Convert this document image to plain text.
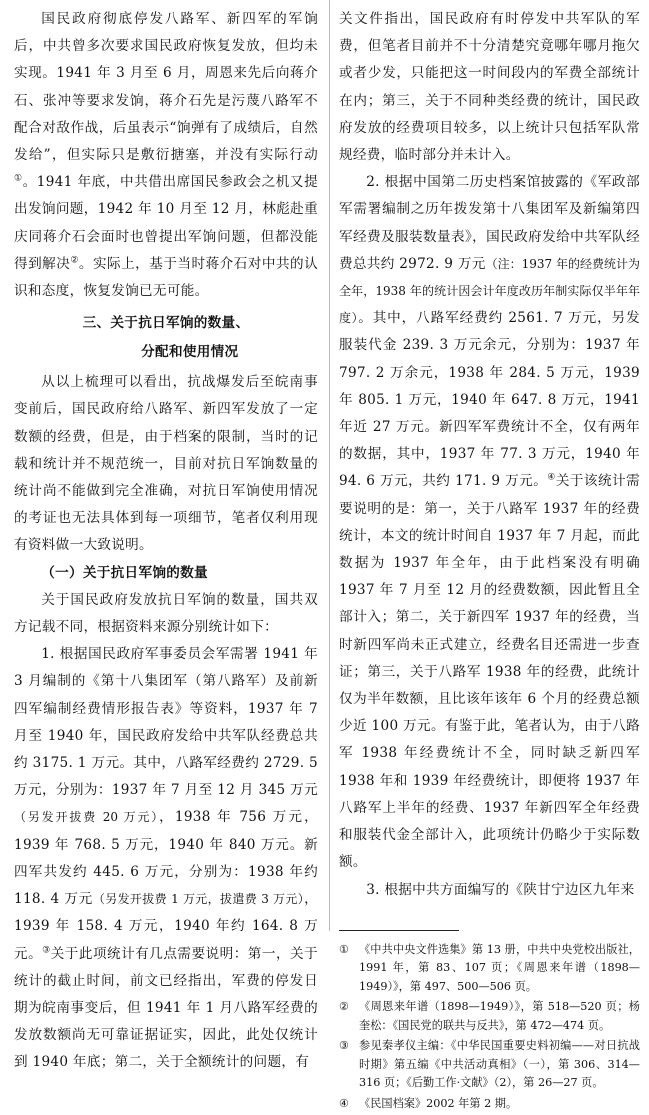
国民政府彻底停发八路军、新四军的军饷后，中共曾多次要求国民政府恢复发放，但均未实现。1941 年 3 月至 6 月，周恩来先后向蒋介石、张冲等要求发饷，蒋介石先是污蔑八路军不配合对敌作战，后虽表示“饷弹有了成绩后，自然发给”，但实际只是敷衍搪塞，并没有实际行动①。1941 年底，中共借出席国民参政会之机又提出发饷问题，1942 年 10 月至 12 月，林彪赴重庆同蒋介石会面时也曾提出军饷问题，但都没能得到解决②。实际上，基于当时蒋介石对中共的认识和态度，恢复发饷已无可能。

三、关于抗日军饷的数量、
分配和使用情况

从以上梳理可以看出，抗战爆发后至皖南事变前后，国民政府给八路军、新四军发放了一定数额的经费，但是，由于档案的限制，当时的记载和统计并不规范统一，目前对抗日军饷数量的统计尚不能做到完全准确，对抗日军饷使用情况的考证也无法具体到每一项细节，笔者仅利用现有资料做一大致说明。

（一）关于抗日军饷的数量

关于国民政府发放抗日军饷的数量，国共双方记载不同，根据资料来源分别统计如下：

1. 根据国民政府军事委员会军需署 1941 年 3 月编制的《第十八集团军（第八路军）及前新四军编制经费情形报告表》等资料，1937 年 7 月至 1940 年，国民政府发给中共军队经费总共约 3175. 1 万元。其中，八路军经费约 2729. 5 万元，分别为：1937 年 7 月至 12 月 345 万元（另发开拔费 20 万元），1938 年 756 万元，1939 年 768. 5 万元，1940 年 840 万元。新四军共发约 445. 6 万元，分别为：1938 年约 118. 4 万元（另发开拔费 1 万元，拔遣费 3 万元），1939 年 158. 4 万元，1940 年约 164. 8 万元。③关于此项统计有几点需要说明：第一，关于统计的截止时间，前文已经指出，军费的停发日期为皖南事变后，但 1941 年 1 月八路军经费的发放数额尚无可靠证据证实，因此，此处仅统计到 1940 年底；第二，关于全额统计的问题，有

关文件指出，国民政府有时停发中共军队的军费，但笔者目前并不十分清楚究竟哪年哪月拖欠或者少发，只能把这一时间段内的军费全部统计在内；第三，关于不同种类经费的统计，国民政府发放的经费项目较多，以上统计只包括军队常规经费，临时部分并未计入。

2. 根据中国第二历史档案馆披露的《军政部军需署编制之历年拨发第十八集团军及新编第四军经费及服装数量表》，国民政府发给中共军队经费总共约 2972. 9 万元（注：1937 年的经费统计为全年，1938 年的统计因会计年度改历年制实际仅半年年度）。其中，八路军经费约 2561. 7 万元，另发服装代金 239. 3 万元余元，分别为：1937 年 797. 2 万余元，1938 年 284. 5 万元，1939 年 805. 1 万元，1940 年 647. 8 万元，1941 年近 27 万元。新四军军费统计不全，仅有两年的数据，其中，1937 年 77. 3 万元，1940 年 94. 6 万元，共约 171. 9 万元。④关于该统计需要说明的是：第一，关于八路军 1937 年的经费统计，本文的统计时间自 1937 年 7 月起，而此数据为 1937 年全年，由于此档案没有明确 1937 年 7 月至 12 月的经费数额，因此暂且全部计入；第二，关于新四军 1937 年的经费，当时新四军尚未正式建立，经费名目还需进一步查证；第三，关于八路军 1938 年的经费，此统计仅为半年数额，且比该年该年 6 个月的经费总额少近 100 万元。有鉴于此，笔者认为，由于八路军 1938 年经费统计不全，同时缺乏新四军 1938 年和 1939 年经费统计，即便将 1937 年八路军上半年的经费、1937 年新四军全年经费和服装代金全部计入，此项统计仍略少于实际数额。

3. 根据中共方面编写的《陕甘宁边区九年来

① 《中共中央文件选集》第 13 册，中共中央党校出版社，1991 年，第 83、107 页；《周恩来年谱（1898—1949）》，第 497、500—506 页。
② 《周恩来年谱（1898—1949）》，第 518—520 页；杨奎松：《国民党的联共与反共》，第 472—474 页。
③ 参见秦孝仪主编：《中华民国重要史料初编——对日抗战时期》第五编《中共活动真相》（一），第 306、314—316 页；《后勤工作·文献》（2），第 26—27 页。
④ 《民国档案》2002 年第 2 期。
